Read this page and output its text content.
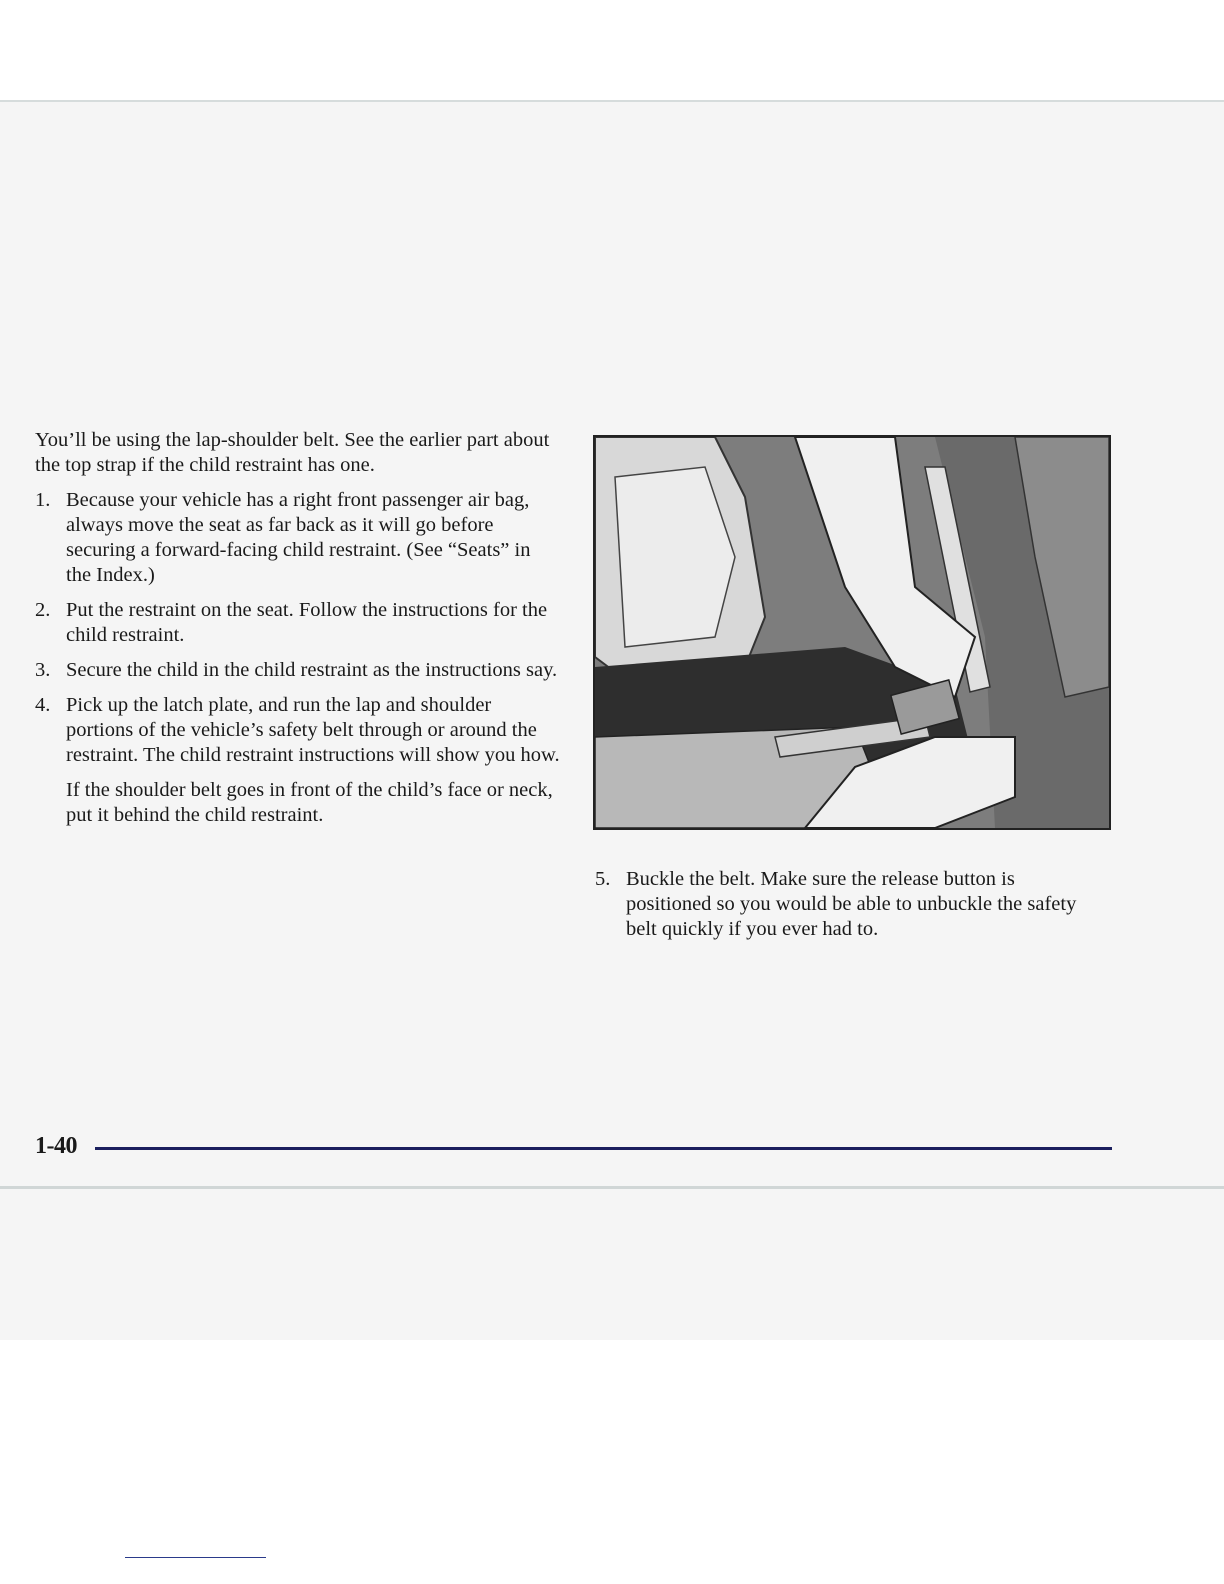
You’ll be using the lap-shoulder belt. See the earlier part about the top strap if the child restraint has one.

1. Because your vehicle has a right front passenger air bag, always move the seat as far back as it will go before securing a forward-facing child restraint. (See “Seats” in the Index.)
2. Put the restraint on the seat. Follow the instructions for the child restraint.
3. Secure the child in the child restraint as the instructions say.
4. Pick up the latch plate, and run the lap and shoulder portions of the vehicle’s safety belt through or around the restraint. The child restraint instructions will show you how.

If the shoulder belt goes in front of the child’s face or neck, put it behind the child restraint.

5. Buckle the belt. Make sure the release button is positioned so you would be able to unbuckle the safety belt quickly if you ever had to.
1-40
